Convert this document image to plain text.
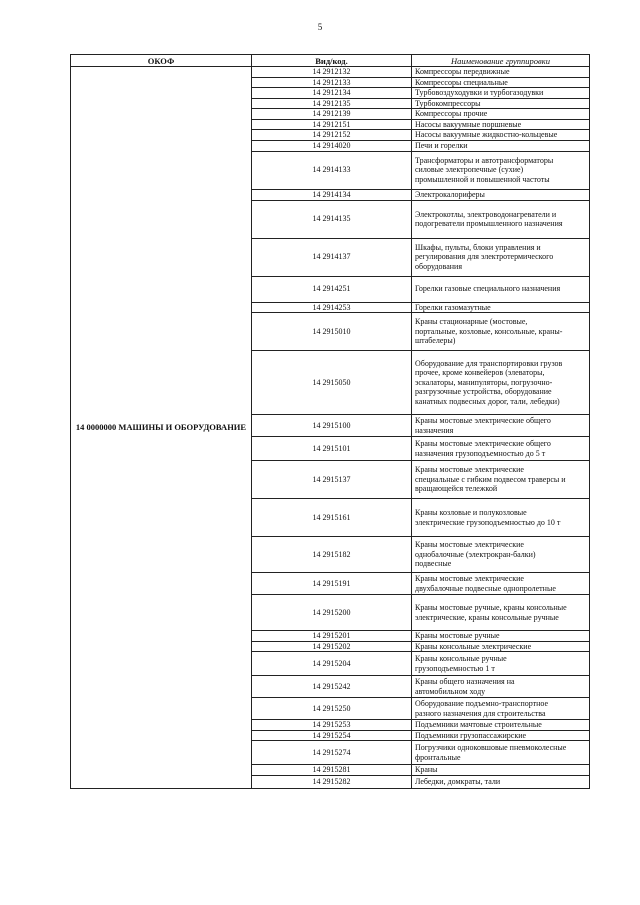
5
ОКОФ	Вид/код.	Наименование группировки
14 0000000 МАШИНЫ И ОБОРУДОВАНИЕ	14 2912132	Компрессоры передвижные
	14 2912133	Компрессоры специальные
	14 2912134	Турбовоздуходувки и турбогазодувки
	14 2912135	Турбокомпрессоры
	14 2912139	Компрессоры прочие
	14 2912151	Насосы вакуумные поршневые
	14 2912152	Насосы вакуумные жидкостно-кольцевые
	14 2914020	Печи и горелки
	14 2914133	Трансформаторы и автотрансформаторы
силовые электропечные (сухие)
промышленной и повышенной частоты
	14 2914134	Электрокалориферы
	14 2914135	Электрокотлы, электроводонагреватели и
подогреватели промышленного назначения
	14 2914137	Шкафы, пульты, блоки управления и
регулирования для электротермического
оборудования
	14 2914251	Горелки газовые специального назначения
	14 2914253	Горелки газомазутные
	14 2915010	Краны стационарные (мостовые,
портальные, козловые, консольные, краны-
штабелеры)
	14 2915050	Оборудование для транспортировки грузов
прочее, кроме конвейеров (элеваторы,
эскалаторы, манипуляторы, погрузочно-
разгрузочные устройства, оборудование
канатных подвесных дорог, тали, лебедки)
	14 2915100	Краны мостовые электрические общего
назначения
	14 2915101	Краны мостовые электрические общего
назначения грузоподъемностью до 5 т
	14 2915137	Краны мостовые электрические
специальные с гибким подвесом траверсы и
вращающейся тележкой
	14 2915161	Краны козловые и полукозловые
электрические грузоподъемностью до 10 т
	14 2915182	Краны мостовые электрические
однобалочные (электрокран-балки)
подвесные
	14 2915191	Краны мостовые электрические
двухбалочные подвесные однопролетные
	14 2915200	Краны мостовые ручные, краны консольные
электрические, краны консольные ручные
	14 2915201	Краны мостовые ручные
	14 2915202	Краны консольные электрические
	14 2915204	Краны консольные ручные
грузоподъемностью 1 т
	14 2915242	Краны общего назначения на
автомобильном ходу
	14 2915250	Оборудование подъемно-транспортное
разного назначения для строительства
	14 2915253	Подъемники мачтовые строительные
	14 2915254	Подъемники грузопассажирские
	14 2915274	Погрузчики одноковшовые пневмоколесные
фронтальные
	14 2915281	Краны
	14 2915282	Лебедки, домкраты, тали
